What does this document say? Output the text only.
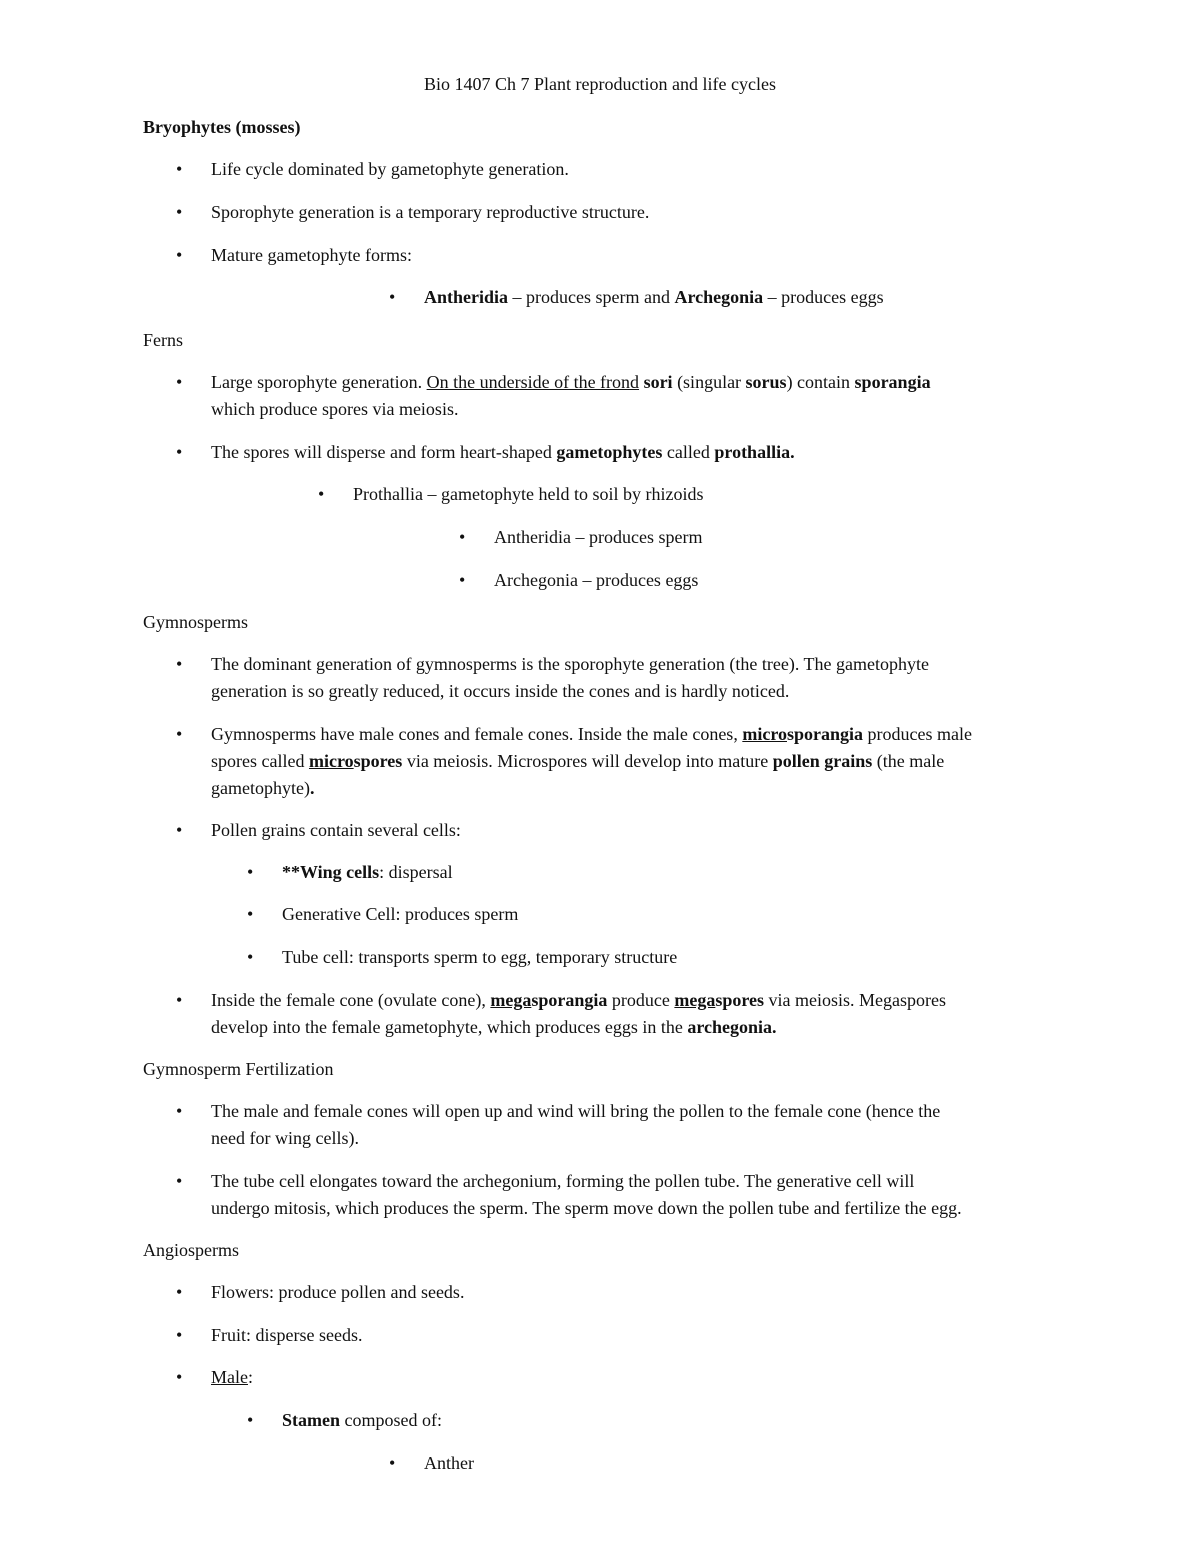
Bio 1407 Ch 7 Plant reproduction and life cycles
Bryophytes (mosses)
• Life cycle dominated by gametophyte generation.
• Sporophyte generation is a temporary reproductive structure.
• Mature gametophyte forms:
• Antheridia – produces sperm and Archegonia – produces eggs
Ferns
• Large sporophyte generation. On the underside of the frond sori (singular sorus) contain sporangia
which produce spores via meiosis.
• The spores will disperse and form heart-shaped gametophytes called prothallia.
• Prothallia – gametophyte held to soil by rhizoids
• Antheridia – produces sperm
• Archegonia – produces eggs
Gymnosperms
• The dominant generation of gymnosperms is the sporophyte generation (the tree). The gametophyte
generation is so greatly reduced, it occurs inside the cones and is hardly noticed.
• Gymnosperms have male cones and female cones. Inside the male cones, microsporangia produces male
spores called microspores via meiosis. Microspores will develop into mature pollen grains (the male
gametophyte).
• Pollen grains contain several cells:
• **Wing cells: dispersal
• Generative Cell: produces sperm
• Tube cell: transports sperm to egg, temporary structure
• Inside the female cone (ovulate cone), megasporangia produce megaspores via meiosis. Megaspores
develop into the female gametophyte, which produces eggs in the archegonia.
Gymnosperm Fertilization
• The male and female cones will open up and wind will bring the pollen to the female cone (hence the
need for wing cells).
• The tube cell elongates toward the archegonium, forming the pollen tube. The generative cell will
undergo mitosis, which produces the sperm. The sperm move down the pollen tube and fertilize the egg.
Angiosperms
• Flowers: produce pollen and seeds.
• Fruit: disperse seeds.
• Male:
• Stamen composed of:
• Anther
